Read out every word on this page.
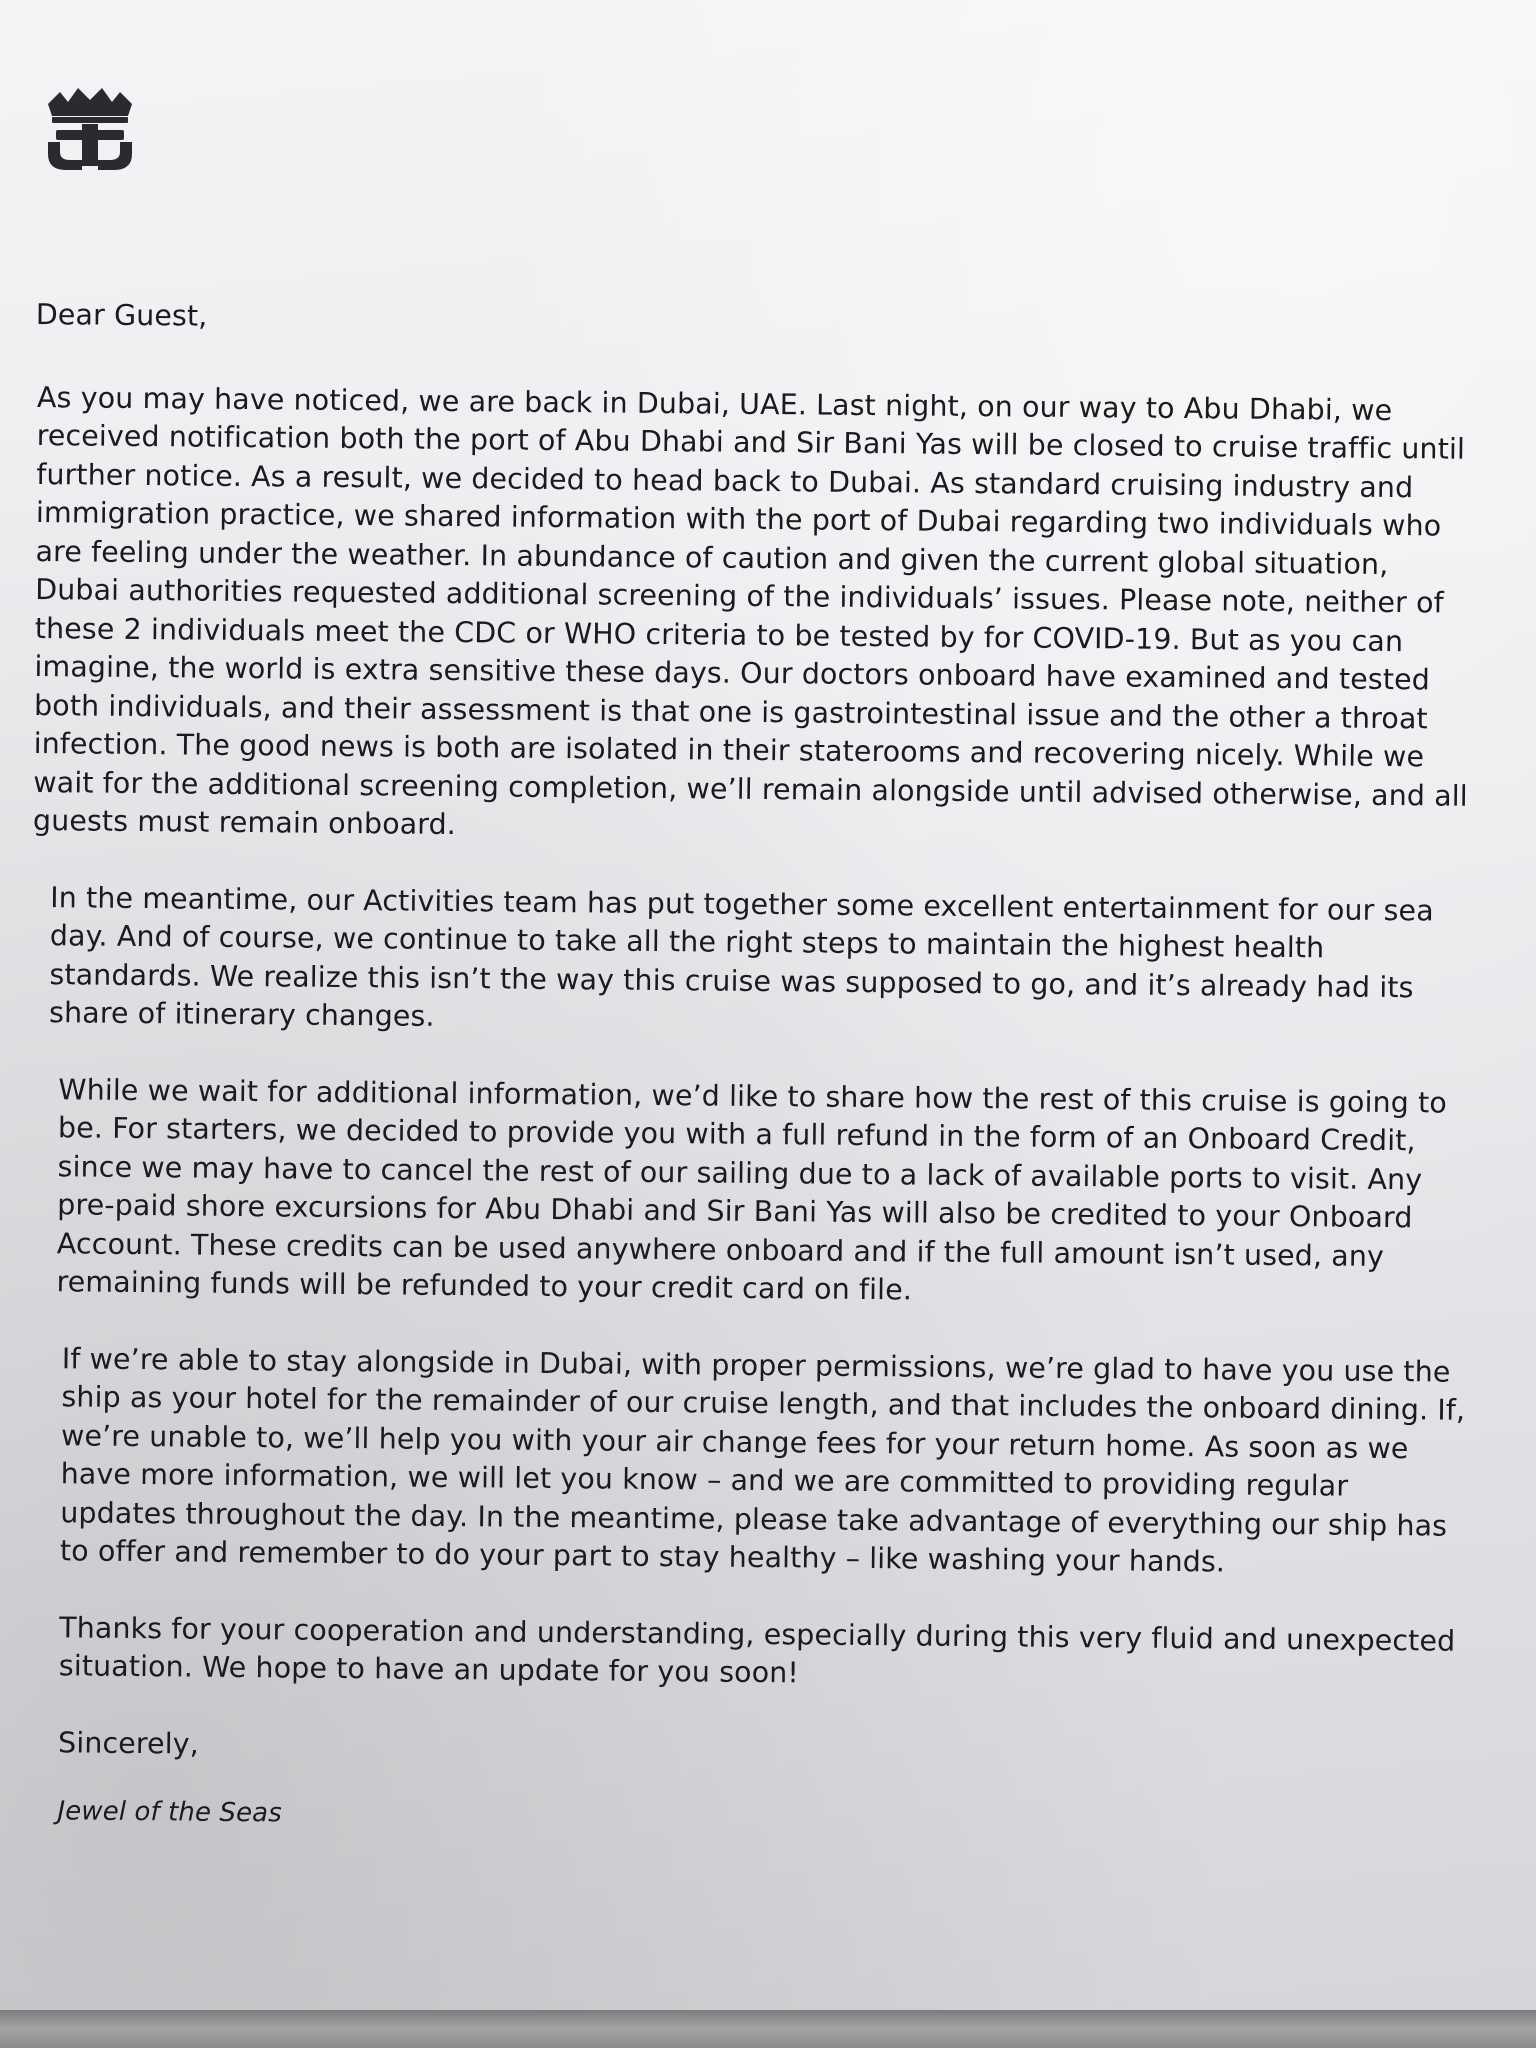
Dear Guest,

As you may have noticed, we are back in Dubai, UAE. Last night, on our way to Abu Dhabi, we received notification both the port of Abu Dhabi and Sir Bani Yas will be closed to cruise traffic until further notice. As a result, we decided to head back to Dubai. As standard cruising industry and immigration practice, we shared information with the port of Dubai regarding two individuals who are feeling under the weather. In abundance of caution and given the current global situation, Dubai authorities requested additional screening of the individuals’ issues. Please note, neither of these 2 individuals meet the CDC or WHO criteria to be tested by for COVID-19. But as you can imagine, the world is extra sensitive these days. Our doctors onboard have examined and tested both individuals, and their assessment is that one is gastrointestinal issue and the other a throat infection. The good news is both are isolated in their staterooms and recovering nicely. While we wait for the additional screening completion, we’ll remain alongside until advised otherwise, and all guests must remain onboard.

In the meantime, our Activities team has put together some excellent entertainment for our sea day. And of course, we continue to take all the right steps to maintain the highest health standards. We realize this isn’t the way this cruise was supposed to go, and it’s already had its share of itinerary changes.

While we wait for additional information, we’d like to share how the rest of this cruise is going to be. For starters, we decided to provide you with a full refund in the form of an Onboard Credit, since we may have to cancel the rest of our sailing due to a lack of available ports to visit. Any pre-paid shore excursions for Abu Dhabi and Sir Bani Yas will also be credited to your Onboard Account. These credits can be used anywhere onboard and if the full amount isn’t used, any remaining funds will be refunded to your credit card on file.

If we’re able to stay alongside in Dubai, with proper permissions, we’re glad to have you use the ship as your hotel for the remainder of our cruise length, and that includes the onboard dining. If, we’re unable to, we’ll help you with your air change fees for your return home. As soon as we have more information, we will let you know – and we are committed to providing regular updates throughout the day. In the meantime, please take advantage of everything our ship has to offer and remember to do your part to stay healthy – like washing your hands.

Thanks for your cooperation and understanding, especially during this very fluid and unexpected situation. We hope to have an update for you soon!

Sincerely,

Jewel of the Seas
